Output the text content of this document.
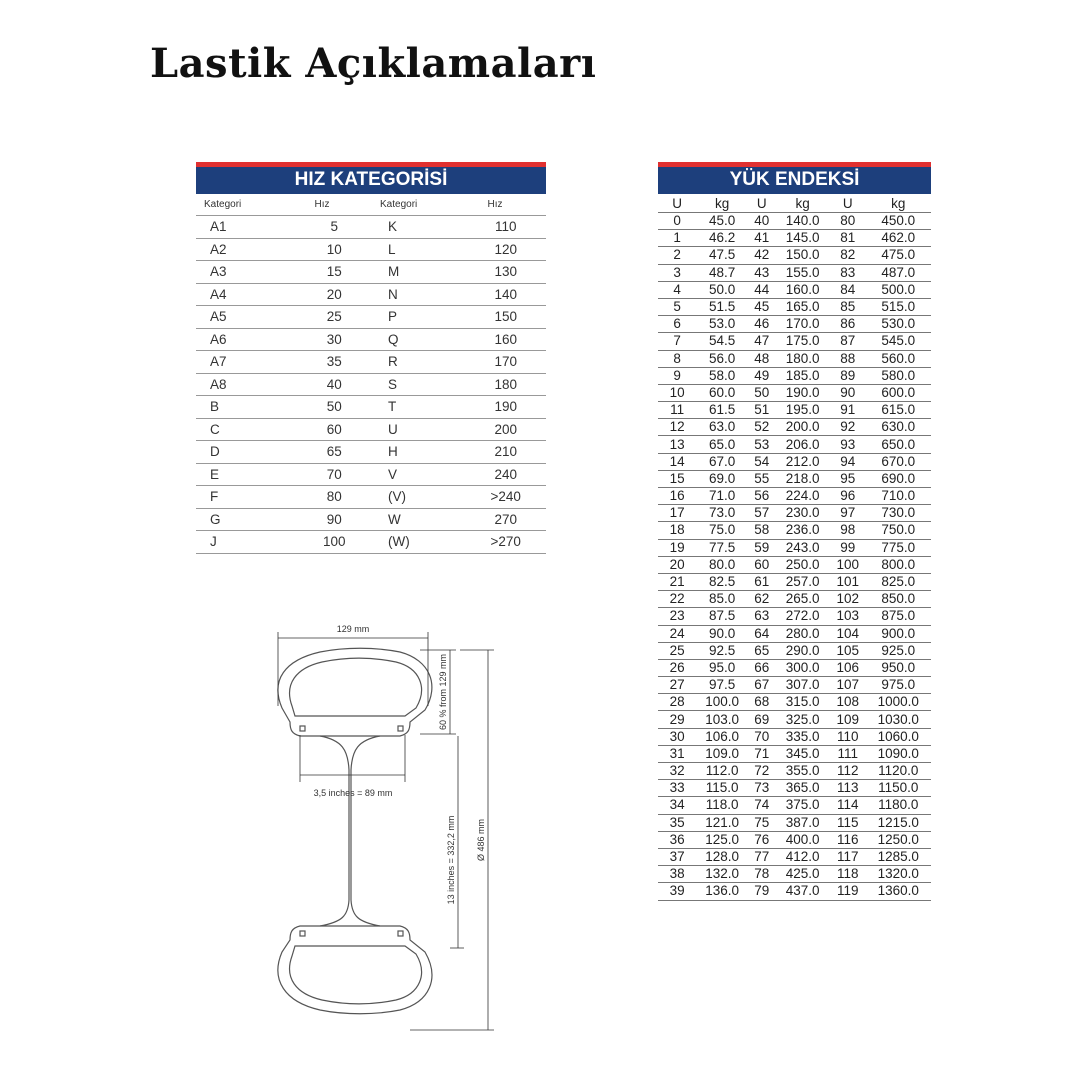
Lastik Açıklamaları
HIZ KATEGORİSİ
Kategori	Hız	Kategori	Hız
A1	5	K	110
A2	10	L	120
A3	15	M	130
A4	20	N	140
A5	25	P	150
A6	30	Q	160
A7	35	R	170
A8	40	S	180
B	50	T	190
C	60	U	200
D	65	H	210
E	70	V	240
F	80	(V)	>240
G	90	W	270
J	100	(W)	>270
YÜK ENDEKSİ
U	kg	U	kg	U	kg
0	45.0	40	140.0	80	450.0
1	46.2	41	145.0	81	462.0
2	47.5	42	150.0	82	475.0
3	48.7	43	155.0	83	487.0
4	50.0	44	160.0	84	500.0
5	51.5	45	165.0	85	515.0
6	53.0	46	170.0	86	530.0
7	54.5	47	175.0	87	545.0
8	56.0	48	180.0	88	560.0
9	58.0	49	185.0	89	580.0
10	60.0	50	190.0	90	600.0
11	61.5	51	195.0	91	615.0
12	63.0	52	200.0	92	630.0
13	65.0	53	206.0	93	650.0
14	67.0	54	212.0	94	670.0
15	69.0	55	218.0	95	690.0
16	71.0	56	224.0	96	710.0
17	73.0	57	230.0	97	730.0
18	75.0	58	236.0	98	750.0
19	77.5	59	243.0	99	775.0
20	80.0	60	250.0	100	800.0
21	82.5	61	257.0	101	825.0
22	85.0	62	265.0	102	850.0
23	87.5	63	272.0	103	875.0
24	90.0	64	280.0	104	900.0
25	92.5	65	290.0	105	925.0
26	95.0	66	300.0	106	950.0
27	97.5	67	307.0	107	975.0
28	100.0	68	315.0	108	1000.0
29	103.0	69	325.0	109	1030.0
30	106.0	70	335.0	110	1060.0
31	109.0	71	345.0	111	1090.0
32	112.0	72	355.0	112	1120.0
33	115.0	73	365.0	113	1150.0
34	118.0	74	375.0	114	1180.0
35	121.0	75	387.0	115	1215.0
36	125.0	76	400.0	116	1250.0
37	128.0	77	412.0	117	1285.0
38	132.0	78	425.0	118	1320.0
39	136.0	79	437.0	119	1360.0
129 mm
3,5 inches = 89 mm
60 % from 129 mm
13 inches = 332,2 mm Ø 486 mm
